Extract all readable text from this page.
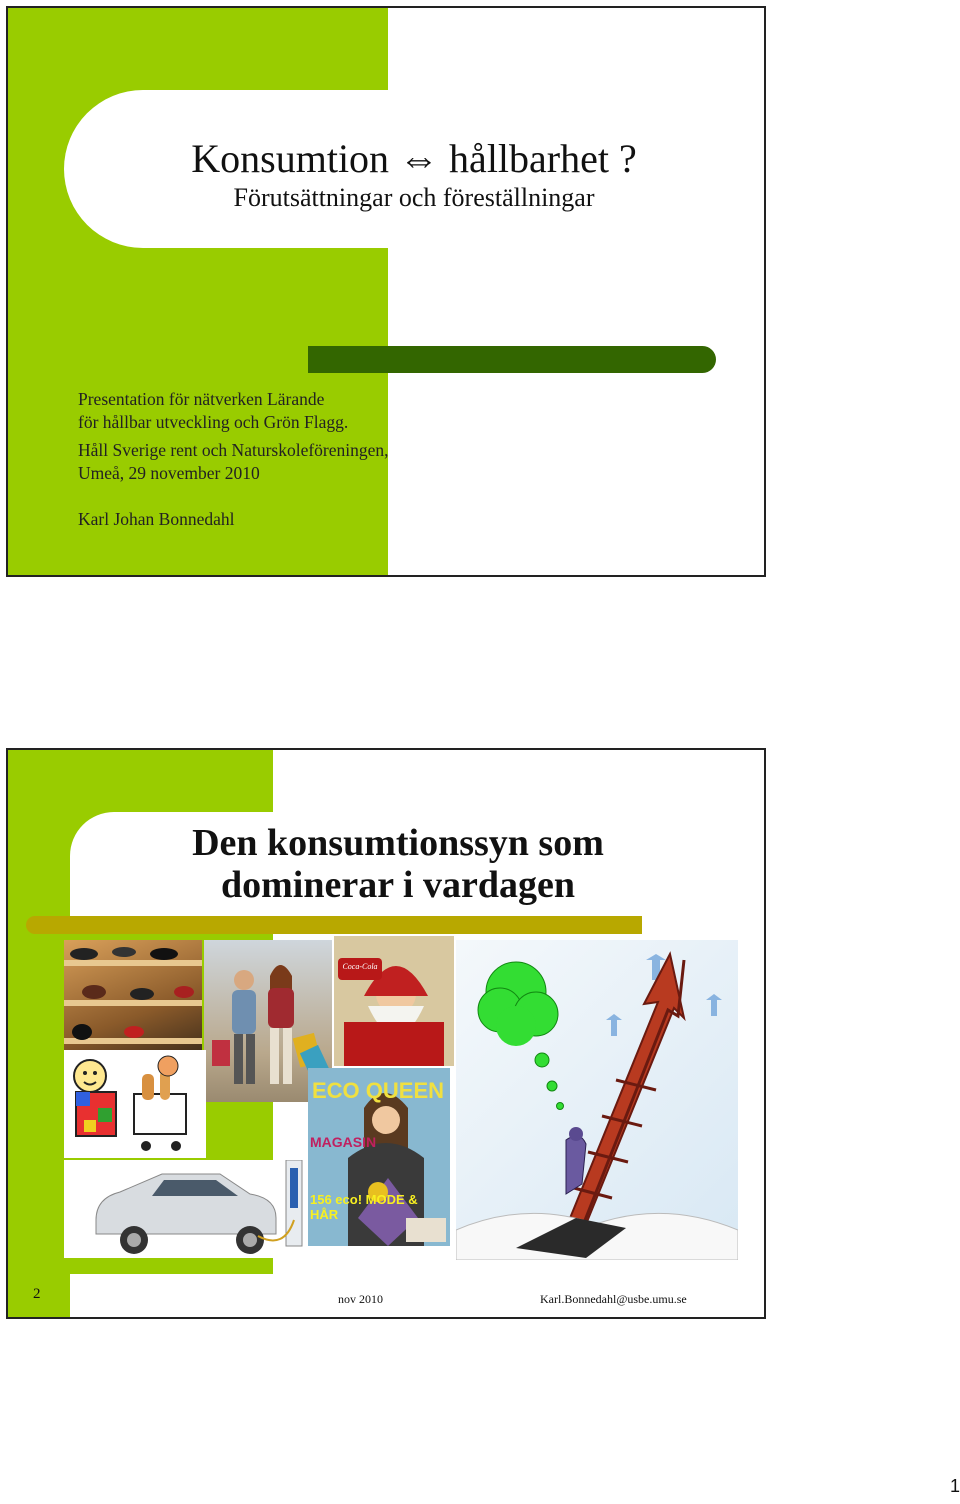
Konsumtion ⇔ hållbarhet ?
Förutsättningar och föreställningar
Presentation för nätverken Lärande
för hållbar utveckling och Grön Flagg.
Håll Sverige rent och Naturskoleföreningen,
Umeå, 29 november 2010
Karl Johan Bonnedahl
Den konsumtionssyn som
dominerar i vardagen
Coca-Cola
ECO QUEEN
MAGASIN
156 eco! MODE & HÅR
2	nov 2010	Karl.Bonnedahl@usbe.umu.se
1
